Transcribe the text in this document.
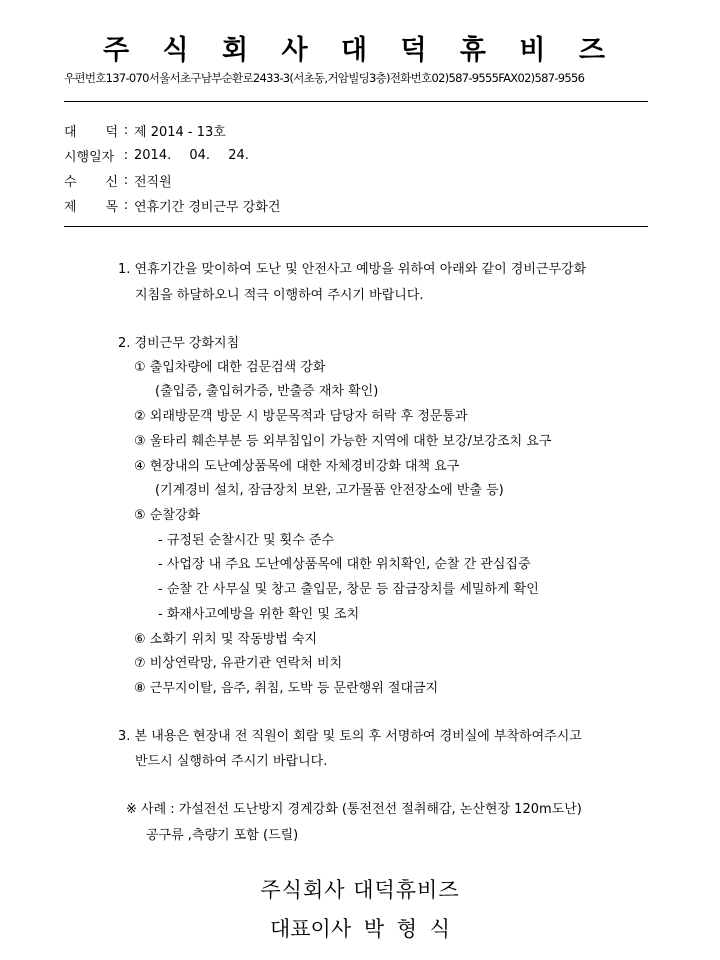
주 식 회 사 대 덕 휴 비 즈
우편번호137-070서울서초구남부순환로2433-3(서초동,거암빌딩3층)전화번호02)587-9555FAX02)587-9556
대 덕 : 제 2014 - 13호
시행일자 : 2014. 04. 24.
수 신 : 전직원
제 목 : 연휴기간 경비근무 강화건
1. 연휴기간을 맞이하여 도난 및 안전사고 예방을 위하여 아래와 같이 경비근무강화
지침을 하달하오니 적극 이행하여 주시기 바랍니다.
2. 경비근무 강화지침
① 출입차량에 대한 검문검색 강화
(출입증, 출입허가증, 반출증 재차 확인)
② 외래방문객 방문 시 방문목적과 담당자 허락 후 정문통과
③ 울타리 훼손부분 등 외부침입이 가능한 지역에 대한 보강/보강조치 요구
④ 현장내의 도난예상품목에 대한 자체경비강화 대책 요구
(기계경비 설치, 잠금장치 보완, 고가물품 안전장소에 반출 등)
⑤ 순찰강화
- 규정된 순찰시간 및 횟수 준수
- 사업장 내 주요 도난예상품목에 대한 위치확인, 순찰 간 관심집중
- 순찰 간 사무실 및 창고 출입문, 창문 등 잠금장치를 세밀하게 확인
- 화재사고예방을 위한 확인 및 조치
⑥ 소화기 위치 및 작동방법 숙지
⑦ 비상연락망, 유관기관 연락처 비치
⑧ 근무지이탈, 음주, 취침, 도박 등 문란행위 절대금지
3. 본 내용은 현장내 전 직원이 회람 및 토의 후 서명하여 경비실에 부착하여주시고
반드시 실행하여 주시기 바랍니다.
※ 사례 : 가설전선 도난방지 경계강화 (통전전선 절취해감, 논산현장 120m도난)
공구류 ,측량기 포함 (드릴)
주식회사 대덕휴비즈
대표이사 박 형 식
